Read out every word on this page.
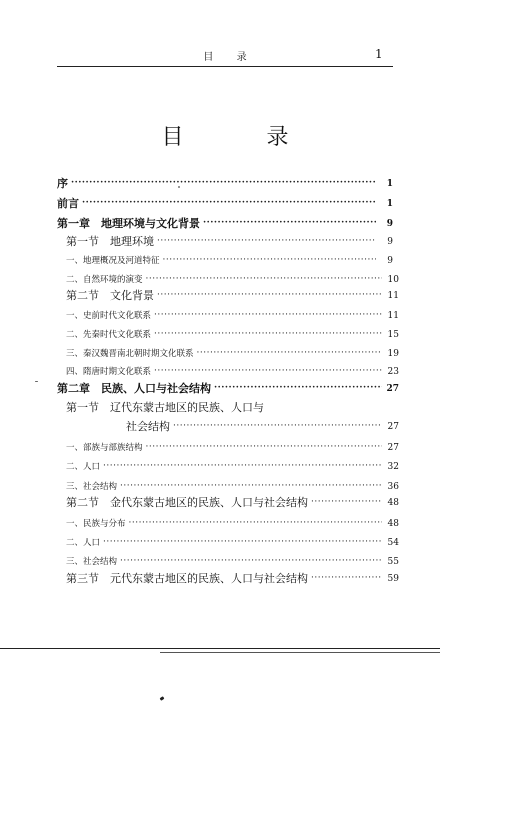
目 录	1
目 录
序 ·····	1
前言 ·····	1
第一章　地理环境与文化背景 ·····	9
第一节　地理环境 ·····	9
一、地理概况及河道特征 ·····	9
二、自然环境的演变 ·····	10
第二节　文化背景 ·····	11
一、史前时代文化联系 ·····	11
二、先秦时代文化联系 ·····	15
三、秦汉魏晋南北朝时期文化联系 ·····	19
四、隋唐时期文化联系 ·····	23
第二章　民族、人口与社会结构 ·····	27
第一节　辽代东蒙古地区的民族、人口与
社会结构 ·····	27
一、部族与部族结构 ·····	27
二、人口 ·····	32
三、社会结构 ·····	36
第二节　金代东蒙古地区的民族、人口与社会结构 ·····	48
一、民族与分布 ·····	48
二、人口 ·····	54
三、社会结构 ·····	55
第三节　元代东蒙古地区的民族、人口与社会结构 ·····	59
